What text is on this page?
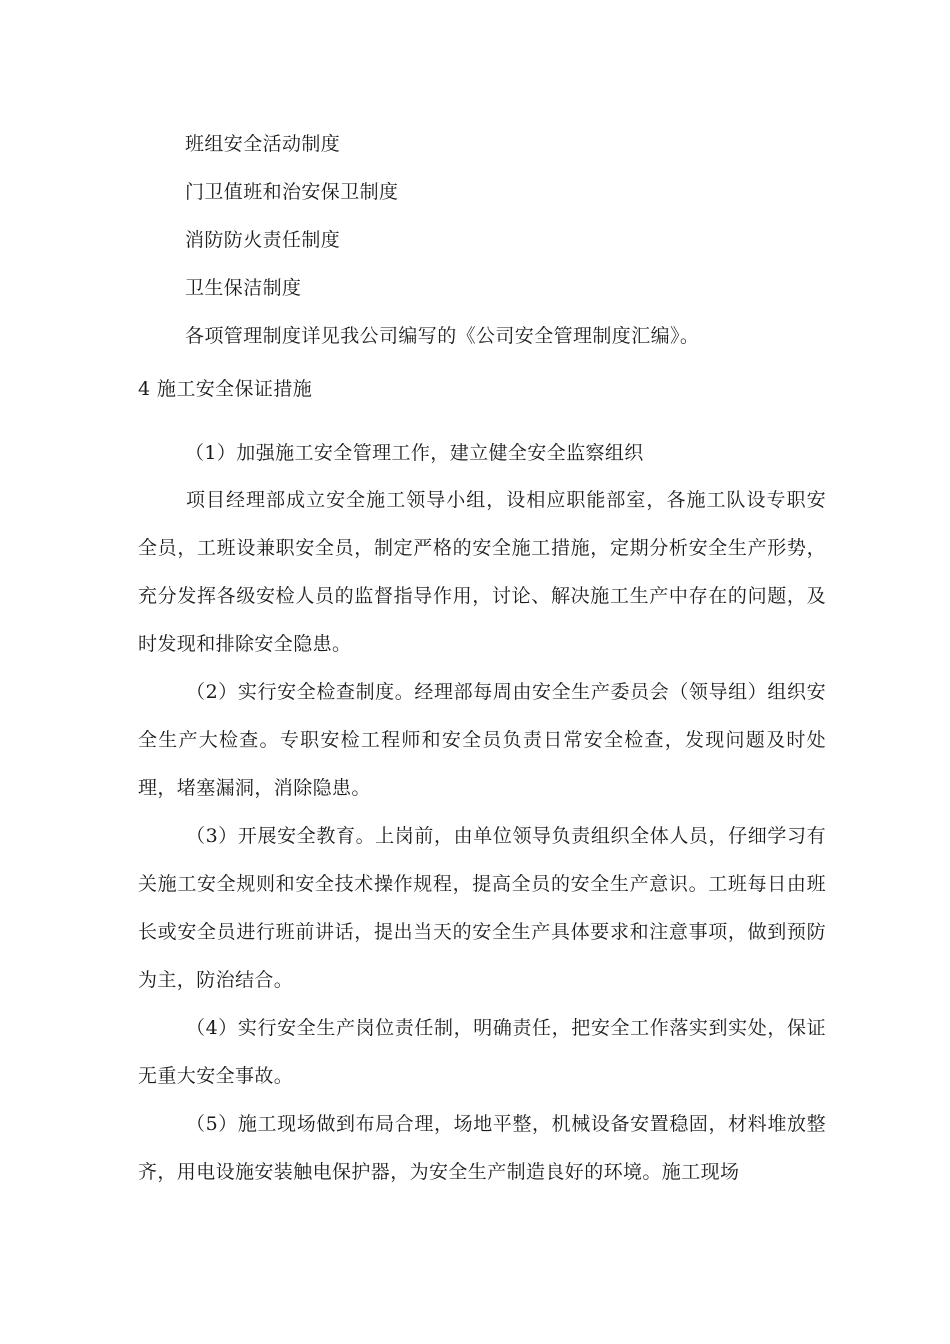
班组安全活动制度
门卫值班和治安保卫制度
消防防火责任制度
卫生保洁制度
各项管理制度详见我公司编写的《公司安全管理制度汇编》。
4 施工安全保证措施
（1）加强施工安全管理工作，建立健全安全监察组织
项目经理部成立安全施工领导小组，设相应职能部室，各施工队设专职安全员，工班设兼职安全员，制定严格的安全施工措施，定期分析安全生产形势，充分发挥各级安检人员的监督指导作用，讨论、解决施工生产中存在的问题，及时发现和排除安全隐患。
（2）实行安全检查制度。经理部每周由安全生产委员会（领导组）组织安全生产大检查。专职安检工程师和安全员负责日常安全检查，发现问题及时处理，堵塞漏洞，消除隐患。
（3）开展安全教育。上岗前，由单位领导负责组织全体人员，仔细学习有关施工安全规则和安全技术操作规程，提高全员的安全生产意识。工班每日由班长或安全员进行班前讲话，提出当天的安全生产具体要求和注意事项，做到预防为主，防治结合。
（4）实行安全生产岗位责任制，明确责任，把安全工作落实到实处，保证无重大安全事故。
（5）施工现场做到布局合理，场地平整，机械设备安置稳固，材料堆放整齐，用电设施安装触电保护器，为安全生产制造良好的环境。施工现场
